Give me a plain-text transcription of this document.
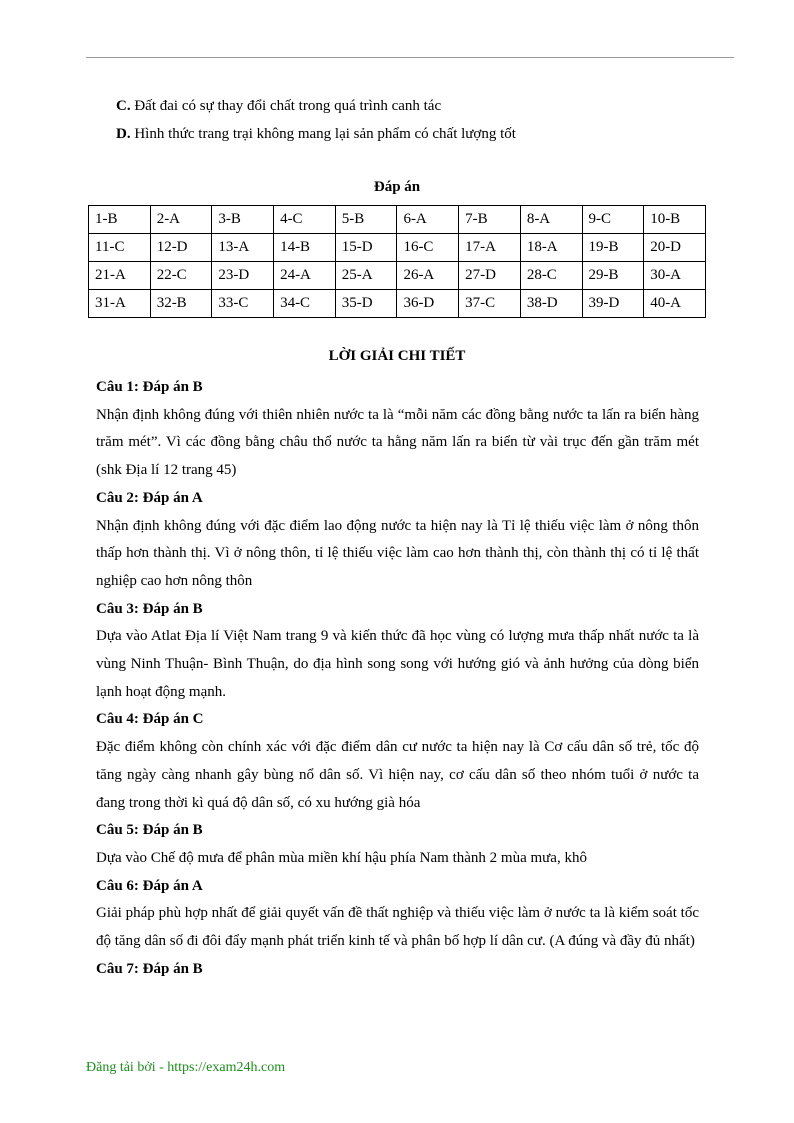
C. Đất đai có sự thay đổi chất trong quá trình canh tác
D. Hình thức trang trại không mang lại sản phẩm có chất lượng tốt
Đáp án
1-B	2-A	3-B	4-C	5-B	6-A	7-B	8-A	9-C	10-B
11-C	12-D	13-A	14-B	15-D	16-C	17-A	18-A	19-B	20-D
21-A	22-C	23-D	24-A	25-A	26-A	27-D	28-C	29-B	30-A
31-A	32-B	33-C	34-C	35-D	36-D	37-C	38-D	39-D	40-A
LỜI GIẢI CHI TIẾT
Câu 1: Đáp án B

Nhận định không đúng với thiên nhiên nước ta là “mỗi năm các đồng bằng nước ta lấn ra biển hàng trăm mét”. Vì các đồng bằng châu thổ nước ta hằng năm lấn ra biển từ vài trục đến gần trăm mét (shk Địa lí 12 trang 45)

Câu 2: Đáp án A

Nhận định không đúng với đặc điểm lao động nước ta hiện nay là Tỉ lệ thiếu việc làm ở nông thôn thấp hơn thành thị. Vì ở nông thôn, tỉ lệ thiếu việc làm cao hơn thành thị, còn thành thị có tỉ lệ thất nghiệp cao hơn nông thôn

Câu 3: Đáp án B

Dựa vào Atlat Địa lí Việt Nam trang 9 và kiến thức đã học vùng có lượng mưa thấp nhất nước ta là vùng Ninh Thuận- Bình Thuận, do địa hình song song với hướng gió và ảnh hưởng của dòng biển lạnh hoạt động mạnh.

Câu 4: Đáp án C

Đặc điểm không còn chính xác với đặc điểm dân cư nước ta hiện nay là Cơ cấu dân số trẻ, tốc độ tăng ngày càng nhanh gây bùng nổ dân số. Vì hiện nay, cơ cấu dân số theo nhóm tuổi ở nước ta đang trong thời kì quá độ dân số, có xu hướng già hóa

Câu 5: Đáp án B

Dựa vào Chế độ mưa để phân mùa miền khí hậu phía Nam thành 2 mùa mưa, khô

Câu 6: Đáp án A

Giải pháp phù hợp nhất để giải quyết vấn đề thất nghiệp và thiếu việc làm ở nước ta là kiểm soát tốc độ tăng dân số đi đôi đẩy mạnh phát triển kinh tế và phân bố hợp lí dân cư. (A đúng và đầy đủ nhất)

Câu 7: Đáp án B
Đăng tải bởi - https://exam24h.com
